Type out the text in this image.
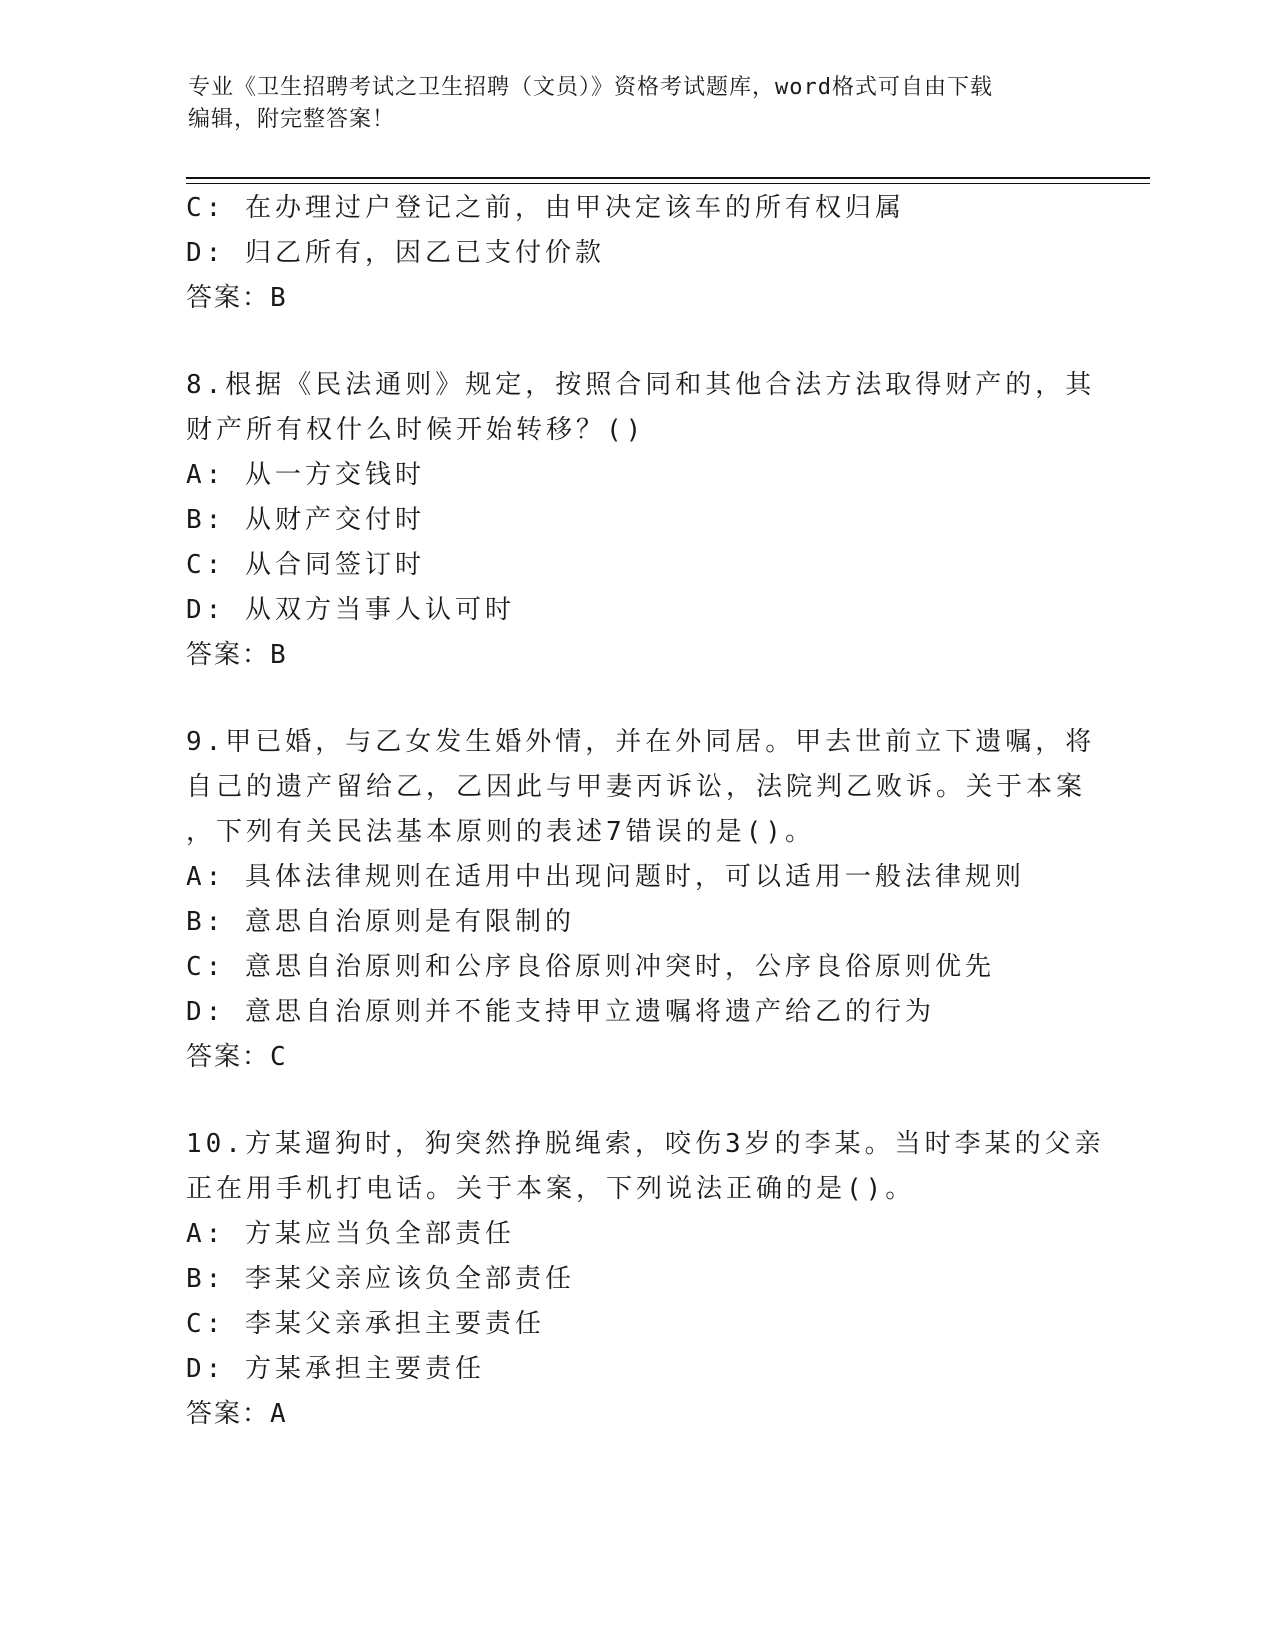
专业《卫生招聘考试之卫生招聘（文员）》资格考试题库，word格式可自由下载
编辑，附完整答案！
C: 在办理过户登记之前，由甲决定该车的所有权归属
D: 归乙所有，因乙已支付价款
答案：B
8.根据《民法通则》规定，按照合同和其他合法方法取得财产的，其
财产所有权什么时候开始转移？()
A: 从一方交钱时
B: 从财产交付时
C: 从合同签订时
D: 从双方当事人认可时
答案：B
9.甲已婚，与乙女发生婚外情，并在外同居。甲去世前立下遗嘱，将
自己的遗产留给乙，乙因此与甲妻丙诉讼，法院判乙败诉。关于本案
，下列有关民法基本原则的表述7错误的是()。
A: 具体法律规则在适用中出现问题时，可以适用一般法律规则
B: 意思自治原则是有限制的
C: 意思自治原则和公序良俗原则冲突时，公序良俗原则优先
D: 意思自治原则并不能支持甲立遗嘱将遗产给乙的行为
答案：C
10.方某遛狗时，狗突然挣脱绳索，咬伤3岁的李某。当时李某的父亲
正在用手机打电话。关于本案，下列说法正确的是()。
A: 方某应当负全部责任
B: 李某父亲应该负全部责任
C: 李某父亲承担主要责任
D: 方某承担主要责任
答案：A
